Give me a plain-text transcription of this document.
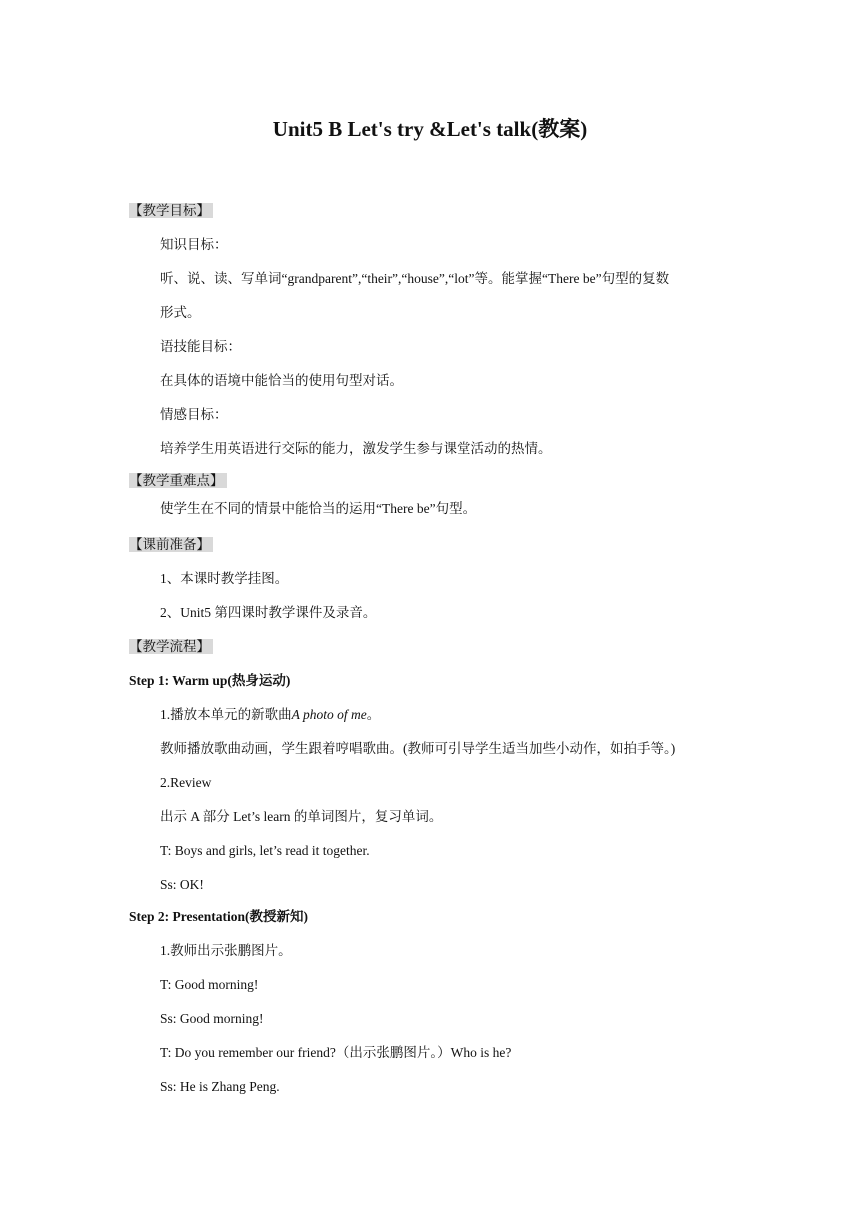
Unit5 B Let's try &Let's talk(教案)
【教学目标】
知识目标：
听、说、读、写单词“grandparent”,“their”,“house”,“lot”等。能掌握“There be”句型的复数
形式。
语技能目标：
在具体的语境中能恰当的使用句型对话。
情感目标：
培养学生用英语进行交际的能力，激发学生参与课堂活动的热情。
【教学重难点】
使学生在不同的情景中能恰当的运用“There be”句型。
【课前准备】
1、本课时教学挂图。
2、Unit5 第四课时教学课件及录音。
【教学流程】
Step 1: Warm up(热身运动)
1.播放本单元的新歌曲A photo of me。
教师播放歌曲动画，学生跟着哼唱歌曲。(教师可引导学生适当加些小动作，如拍手等。)
2.Review
出示 A 部分 Let’s learn 的单词图片，复习单词。
T: Boys and girls, let’s read it together.
Ss: OK!
Step 2: Presentation(教授新知)
1.教师出示张鹏图片。
T: Good morning!
Ss: Good morning!
T: Do you remember our friend?（出示张鹏图片。）Who is he?
Ss: He is Zhang Peng.
